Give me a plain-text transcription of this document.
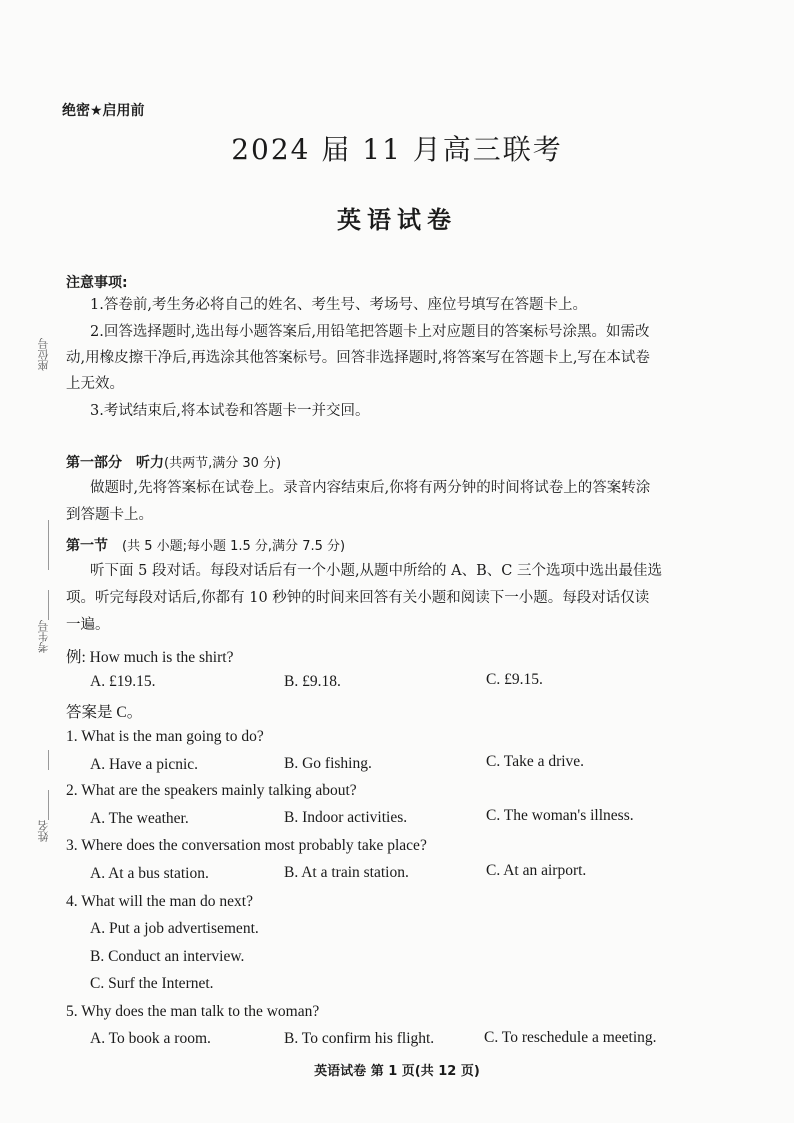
座位号
考生号
姓名
绝密★启用前
2024 届 11 月高三联考
英语试卷
注意事项:
1.答卷前,考生务必将自己的姓名、考生号、考场号、座位号填写在答题卡上。
2.回答选择题时,选出每小题答案后,用铅笔把答题卡上对应题目的答案标号涂黑。如需改
动,用橡皮擦干净后,再选涂其他答案标号。回答非选择题时,将答案写在答题卡上,写在本试卷
上无效。
3.考试结束后,将本试卷和答题卡一并交回。
第一部分　听力(共两节,满分 30 分)
做题时,先将答案标在试卷上。录音内容结束后,你将有两分钟的时间将试卷上的答案转涂
到答题卡上。
第一节　 (共 5 小题;每小题 1.5 分,满分 7.5 分)
听下面 5 段对话。每段对话后有一个小题,从题中所给的 A、B、C 三个选项中选出最佳选
项。听完每段对话后,你都有 10 秒钟的时间来回答有关小题和阅读下一小题。每段对话仅读
一遍。
例: How much is the shirt?
A. £19.15.	B. £9.18.	C. £9.15.
答案是 C。
1. What is the man going to do?
A. Have a picnic.	B. Go fishing.	C. Take a drive.
2. What are the speakers mainly talking about?
A. The weather.	B. Indoor activities.	C. The woman's illness.
3. Where does the conversation most probably take place?
A. At a bus station.	B. At a train station.	C. At an airport.
4. What will the man do next?
A. Put a job advertisement.
B. Conduct an interview.
C. Surf the Internet.
5. Why does the man talk to the woman?
A. To book a room.	B. To confirm his flight.	C. To reschedule a meeting.
英语试卷 第 1 页(共 12 页)
